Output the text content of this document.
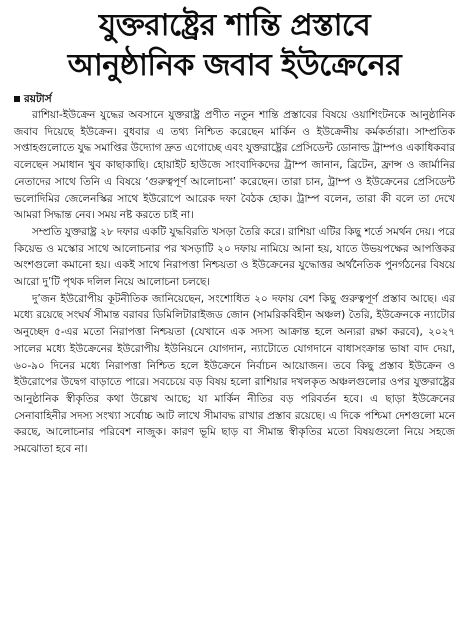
যুক্তরাষ্ট্রের শান্তি প্রস্তাবে
আনুষ্ঠানিক জবাব ইউক্রেনের
রয়টার্স

রাশিয়া-ইউক্রেন যুদ্ধের অবসানে যুক্তরাষ্ট্র প্রণীত নতুন শান্তি প্রস্তাবের বিষয়ে ওয়াশিংটনকে আনুষ্ঠানিক জবাব দিয়েছে ইউক্রেন। বুধবার এ তথ্য নিশ্চিত করেছেন মার্কিন ও ইউক্রেনীয় কর্মকর্তারা। সাম্প্রতিক সপ্তাহগুলোতে যুদ্ধ সমাপ্তির উদ্যোগ দ্রুত এগোচ্ছে এবং যুক্তরাষ্ট্রের প্রেসিডেন্ট ডোনাল্ড ট্রাম্পও একাধিকবার বলেছেন সমাধান খুব কাছাকাছি। হোয়াইট হাউজে সাংবাদিকদের ট্রাম্প জানান, ব্রিটেন, ফ্রান্স ও জার্মানির নেতাদের সাথে তিনি এ বিষয়ে ‘গুরুত্বপূর্ণ আলোচনা’ করেছেন। তারা চান, ট্রাম্প ও ইউক্রেনের প্রেসিডেন্ট ভলোদিমির জেলেনস্কির সাথে ইউরোপে আরেক দফা বৈঠক হোক। ট্রাম্প বলেন, তারা কী বলে তা দেখে আমরা সিদ্ধান্ত নেব। সময় নষ্ট করতে চাই না।

সম্প্রতি যুক্তরাষ্ট্র ২৮ দফার একটি যুদ্ধবিরতি খসড়া তৈরি করে। রাশিয়া এটির কিছু শর্তে সমর্থন দেয়। পরে কিয়েভ ও মস্কোর সাথে আলোচনার পর খসড়াটি ২০ দফায় নামিয়ে আনা হয়, যাতে উভয়পক্ষের আপত্তিকর অংশগুলো কমানো হয়। একই সাথে নিরাপত্তা নিশ্চয়তা ও ইউক্রেনের যুদ্ধোত্তর অর্থনৈতিক পুনর্গঠনের বিষয়ে আরো দু’টি পৃথক দলিল নিয়ে আলোচনা চলছে।

দু’জন ইউরোপীয় কূটনীতিক জানিয়েছেন, সংশোধিত ২০ দফায় বেশ কিছু গুরুত্বপূর্ণ প্রস্তাব আছে। এর মধ্যে রয়েছে সংঘর্ষ সীমান্ত বরাবর ডিমিলিটারাইজড জোন (সামরিকবিহীন অঞ্চল) তৈরি, ইউক্রেনকে ন্যাটোর অনুচ্ছেদ ৫-এর মতো নিরাপত্তা নিশ্চয়তা (যেখানে এক সদস্য আক্রান্ত হলে অন্যরা রক্ষা করবে), ২০২৭ সালের মধ্যে ইউক্রেনের ইউরোপীয় ইউনিয়নে যোগদান, ন্যাটোতে যোগদানে বাধাসংক্রান্ত ভাষা বাদ দেয়া, ৬০-৯০ দিনের মধ্যে নিরাপত্তা নিশ্চিত হলে ইউক্রেনে নির্বাচন আয়োজন। তবে কিছু প্রস্তাব ইউক্রেন ও ইউরোপের উদ্বেগ বাড়াতে পারে। সবচেয়ে বড় বিষয় হলো রাশিয়ার দখলকৃত অঞ্চলগুলোর ওপর যুক্তরাষ্ট্রের আনুষ্ঠানিক স্বীকৃতির কথা উল্লেখ আছে; যা মার্কিন নীতির বড় পরিবর্তন হবে। এ ছাড়া ইউক্রেনের সেনাবাহিনীর সদস্য সংখ্যা সর্বোচ্চ আট লাখে সীমাবদ্ধ রাখার প্রস্তাব রয়েছে। এ দিকে পশ্চিমা দেশগুলো মনে করছে, আলোচনার পরিবেশ নাজুক। কারণ ভূমি ছাড় বা সীমান্ত স্বীকৃতির মতো বিষয়গুলো নিয়ে সহজে সমঝোতা হবে না।
